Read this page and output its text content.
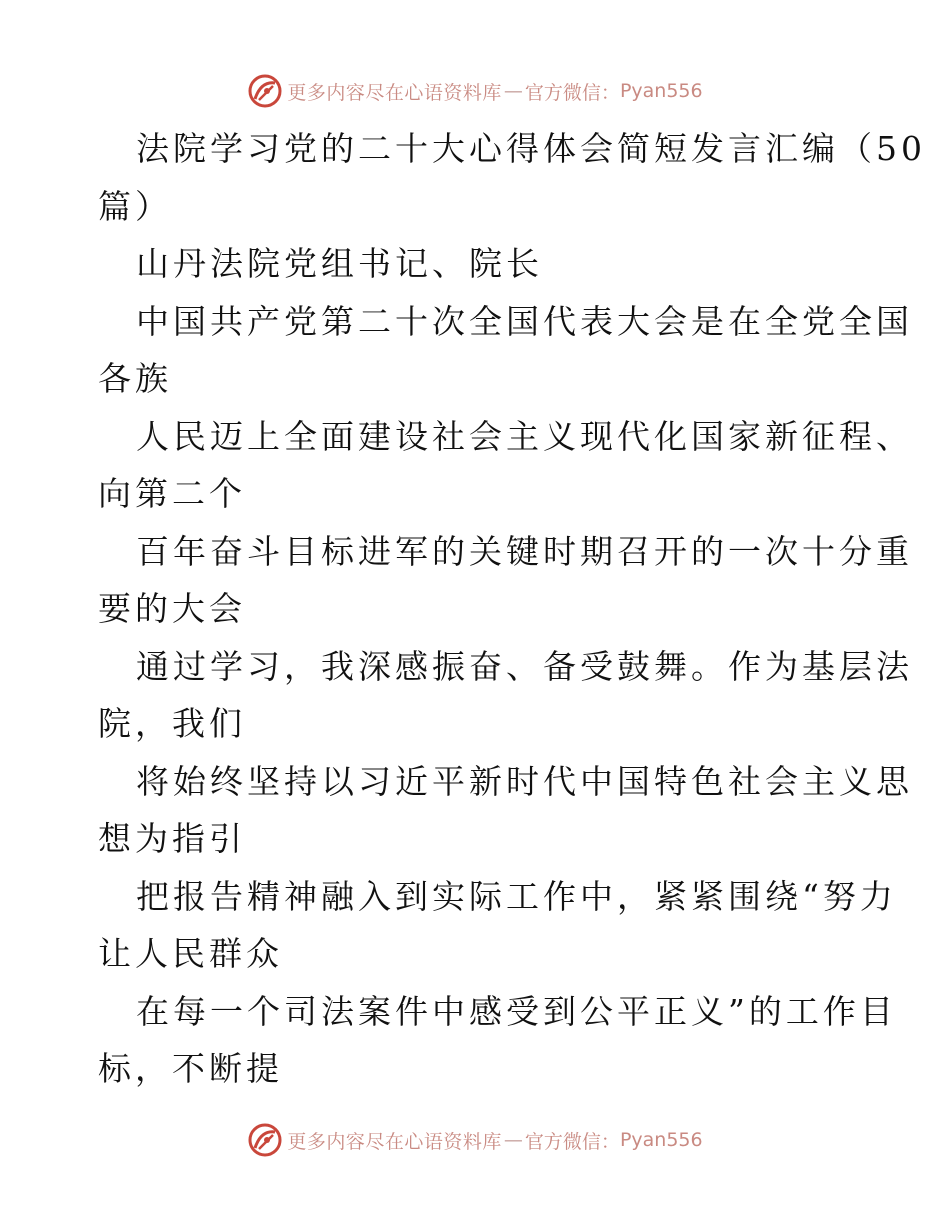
更多内容尽在心语资料库 — 官方微信： Pyan556
法院学习党的二十大心得体会简短发言汇编（50
篇）
山丹法院党组书记、院长
中国共产党第二十次全国代表大会是在全党全国
各族
人民迈上全面建设社会主义现代化国家新征程、
向第二个
百年奋斗目标进军的关键时期召开的一次十分重
要的大会
通过学习，我深感振奋、备受鼓舞。作为基层法
院，我们
将始终坚持以习近平新时代中国特色社会主义思
想为指引
把报告精神融入到实际工作中，紧紧围绕“努力
让人民群众
在每一个司法案件中感受到公平正义”的工作目
标，不断提
更多内容尽在心语资料库 — 官方微信： Pyan556
